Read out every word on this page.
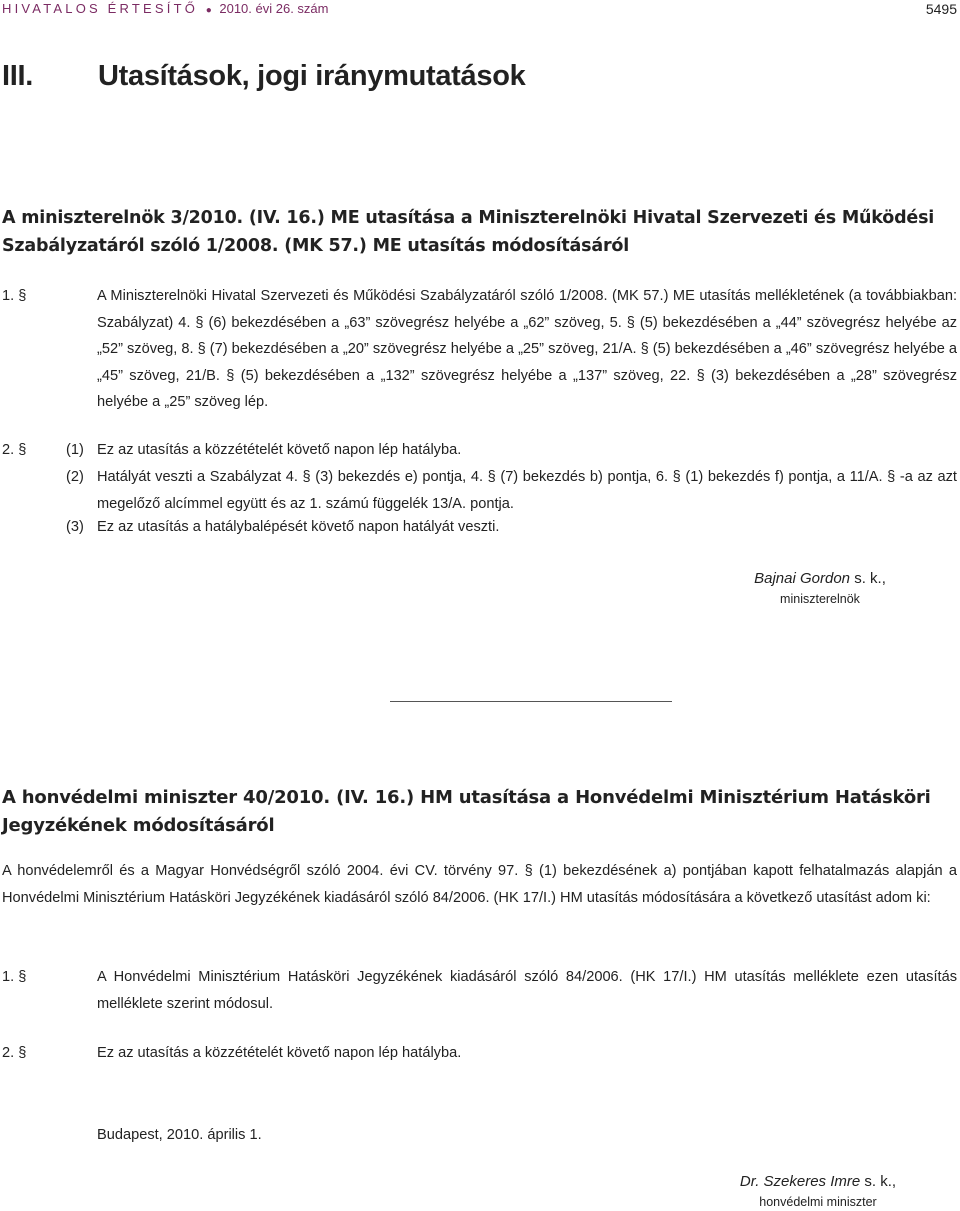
HIVATALOS ÉRTESÍTŐ ● 2010. évi 26. szám	5495
III. Utasítások, jogi iránymutatások
A miniszterelnök 3/2010. (IV. 16.) ME utasítása a Miniszterelnöki Hivatal Szervezeti és Működési Szabályzatáról szóló 1/2008. (MK 57.) ME utasítás módosításáról
1. §	A Miniszterelnöki Hivatal Szervezeti és Működési Szabályzatáról szóló 1/2008. (MK 57.) ME utasítás mellékletének (a továbbiakban: Szabályzat) 4. § (6) bekezdésében a „63” szövegrész helyébe a „62” szöveg, 5. § (5) bekezdésében a „44” szövegrész helyébe az „52” szöveg, 8. § (7) bekezdésében a „20” szövegrész helyébe a „25” szöveg, 21/A. § (5) bekezdésében a „46” szövegrész helyébe a „45” szöveg, 21/B. § (5) bekezdésében a „132” szövegrész helyébe a „137” szöveg, 22. § (3) bekezdésében a „28” szövegrész helyébe a „25” szöveg lép.
2. §	(1) Ez az utasítás a közzétételét követő napon lép hatályba.
(2) Hatályát veszti a Szabályzat 4. § (3) bekezdés e) pontja, 4. § (7) bekezdés b) pontja, 6. § (1) bekezdés f) pontja, a 11/A. § -a az azt megelőző alcímmel együtt és az 1. számú függelék 13/A. pontja.
(3) Ez az utasítás a hatálybalépését követő napon hatályát veszti.
Bajnai Gordon s. k.,
miniszterelnök
A honvédelmi miniszter 40/2010. (IV. 16.) HM utasítása a Honvédelmi Minisztérium Hatásköri Jegyzékének módosításáról
A honvédelemről és a Magyar Honvédségről szóló 2004. évi CV. törvény 97. § (1) bekezdésének a) pontjában kapott felhatalmazás alapján a Honvédelmi Minisztérium Hatásköri Jegyzékének kiadásáról szóló 84/2006. (HK 17/I.) HM utasítás módosítására a következő utasítást adom ki:
1. §	A Honvédelmi Minisztérium Hatásköri Jegyzékének kiadásáról szóló 84/2006. (HK 17/I.) HM utasítás melléklete ezen utasítás melléklete szerint módosul.
2. §	Ez az utasítás a közzétételét követő napon lép hatályba.
Budapest, 2010. április 1.
Dr. Szekeres Imre s. k.,
honvédelmi miniszter
